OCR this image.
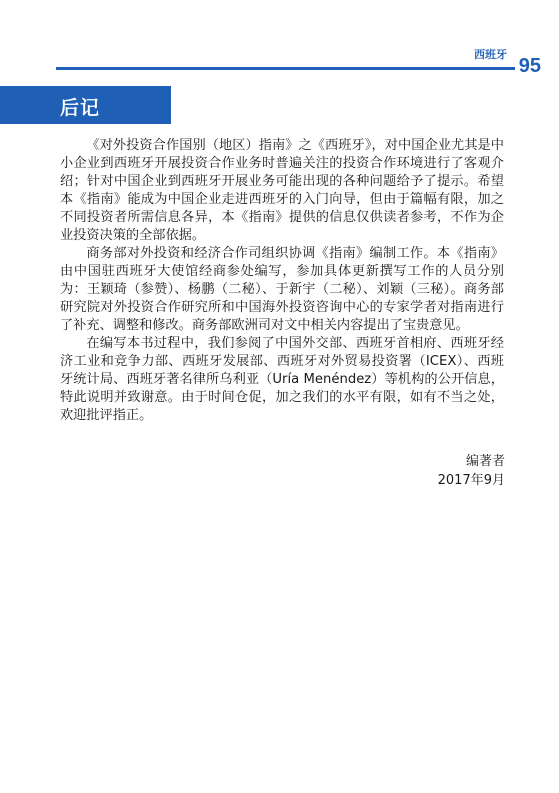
西班牙
95
后记

《对外投资合作国别（地区）指南》之《西班牙》，对中国企业尤其是中小企业到西班牙开展投资合作业务时普遍关注的投资合作环境进行了客观介绍；针对中国企业到西班牙开展业务可能出现的各种问题给予了提示。希望本《指南》能成为中国企业走进西班牙的入门向导，但由于篇幅有限，加之不同投资者所需信息各异，本《指南》提供的信息仅供读者参考，不作为企业投资决策的全部依据。

商务部对外投资和经济合作司组织协调《指南》编制工作。本《指南》由中国驻西班牙大使馆经商参处编写，参加具体更新撰写工作的人员分别为：王颖琦（参赞）、杨鹏（二秘）、于新宇（二秘）、刘颖（三秘）。商务部研究院对外投资合作研究所和中国海外投资咨询中心的专家学者对指南进行了补充、调整和修改。商务部欧洲司对文中相关内容提出了宝贵意见。

在编写本书过程中，我们参阅了中国外交部、西班牙首相府、西班牙经济工业和竞争力部、西班牙发展部、西班牙对外贸易投资署（ICEX）、西班牙统计局、西班牙著名律所乌利亚（Uría Menéndez）等机构的公开信息，特此说明并致谢意。由于时间仓促，加之我们的水平有限，如有不当之处，欢迎批评指正。

编著者
2017年9月
